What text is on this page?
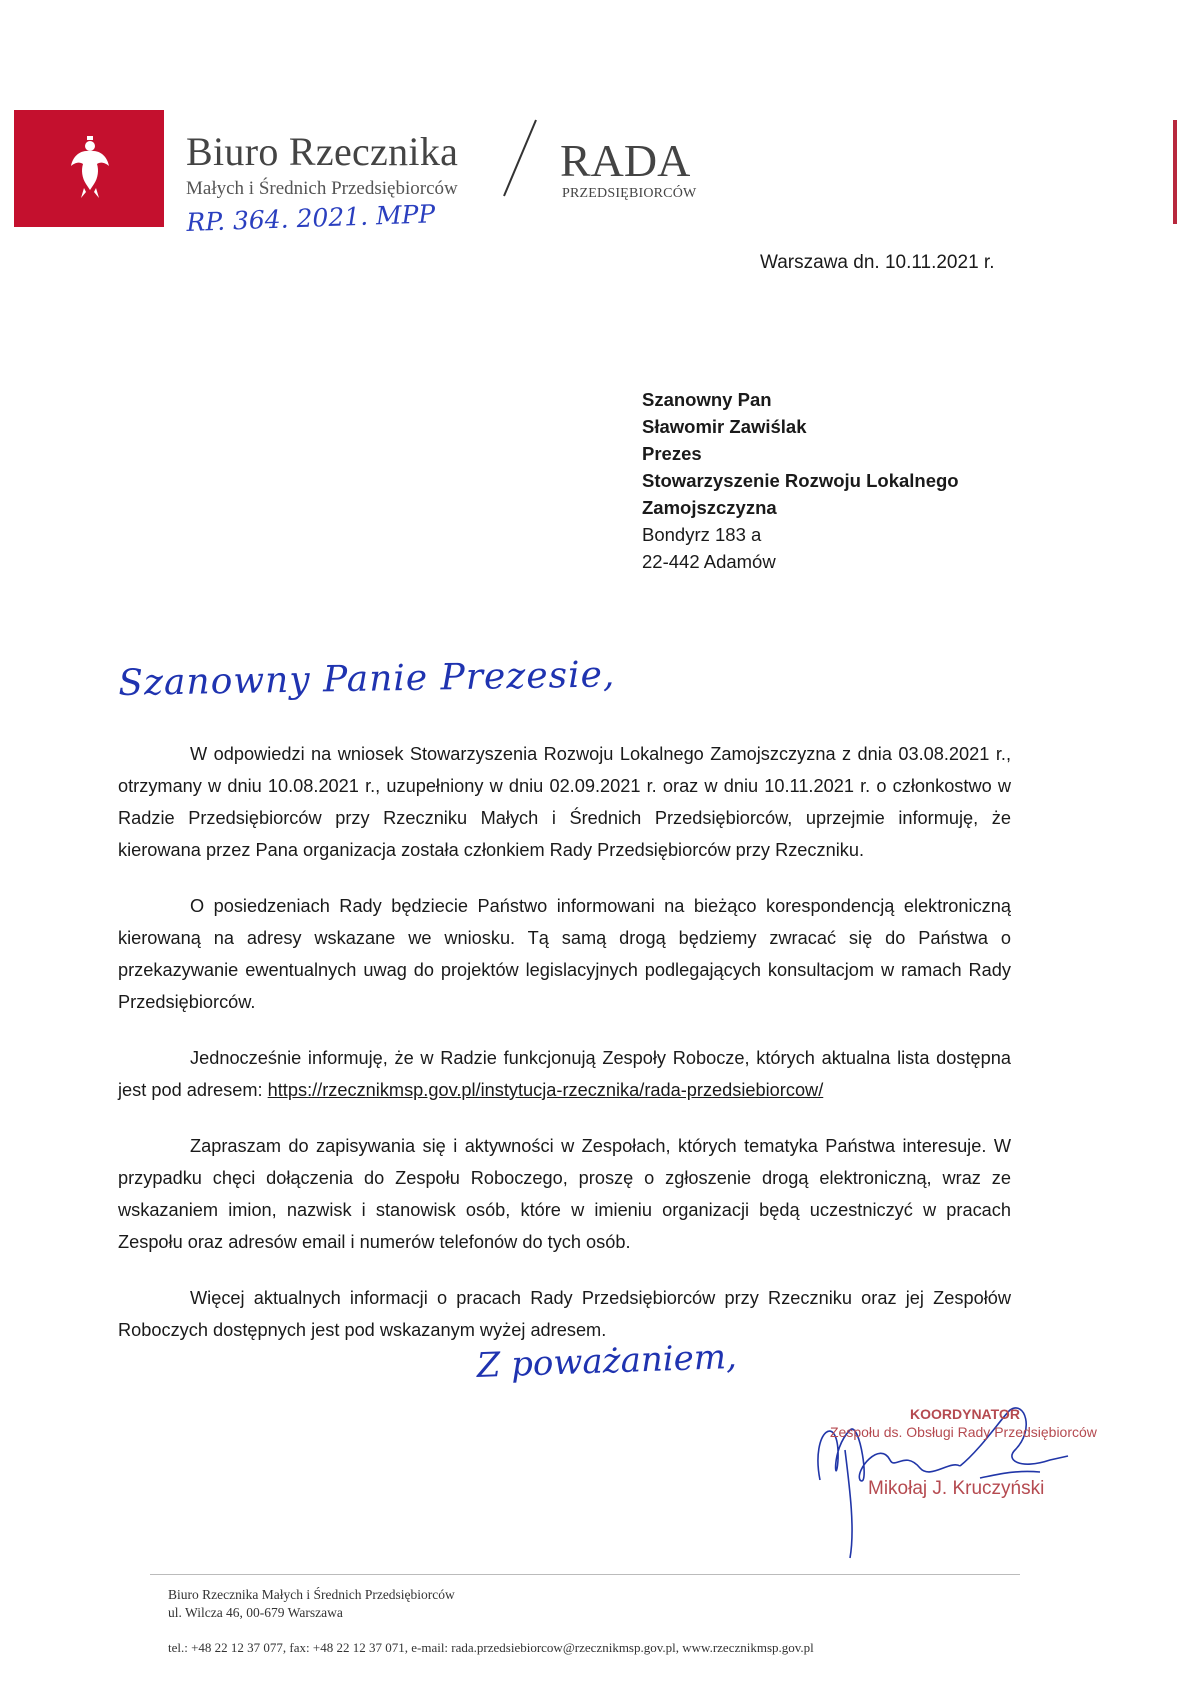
Biuro Rzecznika
Małych i Średnich Przedsiębiorców
RADA
PRZEDSIĘBIORCÓW
RP. 364. 2021. MPP
Warszawa dn. 10.11.2021 r.
Szanowny Pan
Sławomir Zawiślak
Prezes
Stowarzyszenie Rozwoju Lokalnego
Zamojszczyzna
Bondyrz 183 a
22-442 Adamów
Szanowny Panie Prezesie,

W odpowiedzi na wniosek Stowarzyszenia Rozwoju Lokalnego Zamojszczyzna z dnia 03.08.2021 r., otrzymany w dniu 10.08.2021 r., uzupełniony w dniu 02.09.2021 r. oraz w dniu 10.11.2021 r. o członkostwo w Radzie Przedsiębiorców przy Rzeczniku Małych i Średnich Przedsiębiorców, uprzejmie informuję, że kierowana przez Pana organizacja została członkiem Rady Przedsiębiorców przy Rzeczniku.

O posiedzeniach Rady będziecie Państwo informowani na bieżąco korespondencją elektroniczną kierowaną na adresy wskazane we wniosku. Tą samą drogą będziemy zwracać się do Państwa o przekazywanie ewentualnych uwag do projektów legislacyjnych podlegających konsultacjom w ramach Rady Przedsiębiorców.

Jednocześnie informuję, że w Radzie funkcjonują Zespoły Robocze, których aktualna lista dostępna jest pod adresem: https://rzecznikmsp.gov.pl/instytucja-rzecznika/rada-przedsiebiorcow/

Zapraszam do zapisywania się i aktywności w Zespołach, których tematyka Państwa interesuje. W przypadku chęci dołączenia do Zespołu Roboczego, proszę o zgłoszenie drogą elektroniczną, wraz ze wskazaniem imion, nazwisk i stanowisk osób, które w imieniu organizacji będą uczestniczyć w pracach Zespołu oraz adresów email i numerów telefonów do tych osób.

Więcej aktualnych informacji o pracach Rady Przedsiębiorców przy Rzeczniku oraz jej Zespołów Roboczych dostępnych jest pod wskazanym wyżej adresem.

Z poważaniem,
KOORDYNATOR
Zespołu ds. Obsługi Rady Przedsiębiorców
Mikołaj J. Kruczyński
Biuro Rzecznika Małych i Średnich Przedsiębiorców
ul. Wilcza 46, 00-679 Warszawa
tel.: +48 22 12 37 077, fax: +48 22 12 37 071, e-mail: rada.przedsiebiorcow@rzecznikmsp.gov.pl, www.rzecznikmsp.gov.pl
